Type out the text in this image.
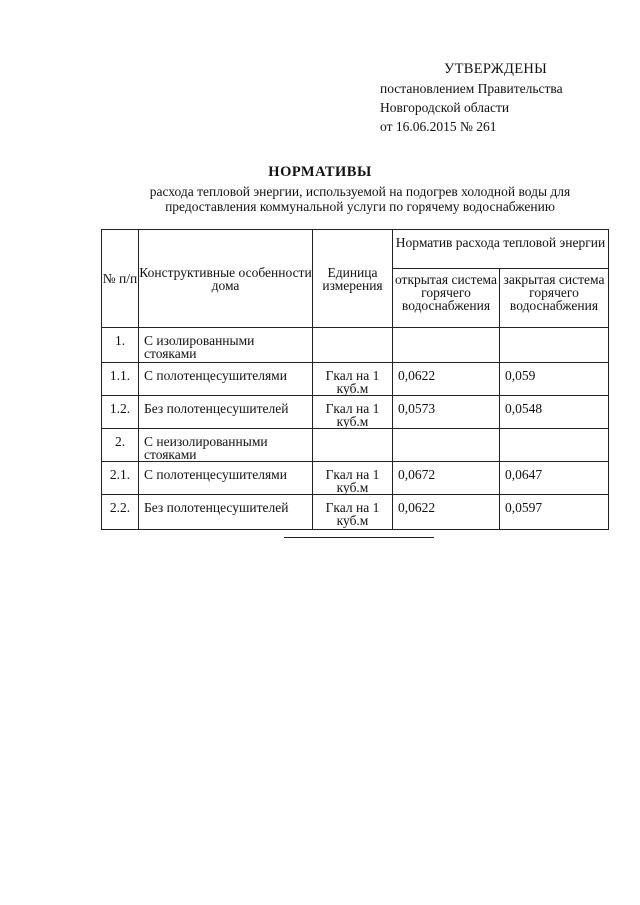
УТВЕРЖДЕНЫ
постановлением Правительства
Новгородской области
от 16.06.2015 № 261
НОРМАТИВЫ
расхода тепловой энергии, используемой на подогрев холодной воды для
предоставления коммунальной услуги по горячему водоснабжению
№ п/п	Конструктивные особенности дома	Единица измерения	Норматив расхода тепловой энергии	
			открытая система горячего водоснабжения	закрытая система горячего водоснабжения
1.	С изолированными стояками			
1.1.	С полотенцесушителями	Гкал на 1 куб.м	0,0622	0,059
1.2.	Без полотенцесушителей	Гкал на 1 куб.м	0,0573	0,0548
2.	С неизолированными стояками			
2.1.	С полотенцесушителями	Гкал на 1 куб.м	0,0672	0,0647
2.2.	Без полотенцесушителей	Гкал на 1 куб.м	0,0622	0,0597
